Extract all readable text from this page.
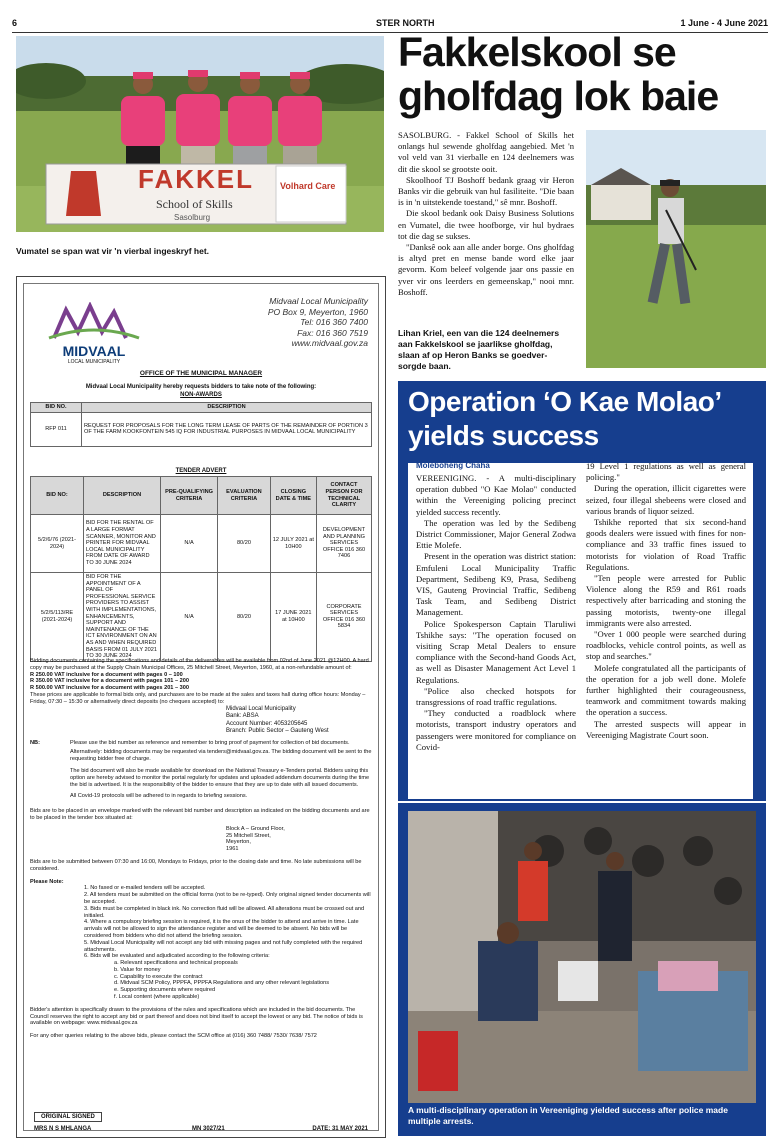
6	STER NORTH	1 June - 4 June 2021
FAKKEL
School of Skills
Sasolburg
Volhard Care
Vumatel se span wat vir 'n vierbal ingeskryf het.
Fakkelskool se
gholfdag lok baie

SASOLBURG. - Fakkel School of Skills het onlangs hul sewende gholfdag aangebied. Met 'n vol veld van 31 vierballe en 124 deelnemers was dit die skool se grootste ooit.

Skoolhoof TJ Boshoff bedank graag vir Heron Banks vir die gebruik van hul fasiliteite. "Die baan is in 'n uitstekende toestand," sê mnr. Boshoff.

Die skool bedank ook Daisy Business Solutions en Vumatel, die twee hoofborge, vir hul bydraes tot die dag se sukses.

"Danksê ook aan alle ander borge. Ons gholfdag is altyd pret en mense bande word elke jaar gevorm. Kom beleef volgende jaar ons passie en yver vir ons leerders en gemeenskap," nooi mnr. Boshoff.

Lihan Kriel, een van die 124 deelnemers aan Fakkelskool se jaarlikse gholfdag, slaan af op Heron Banks se goedver-sorgde baan.
MIDVAAL
LOCAL MUNICIPALITY
Midvaal Local Municipality
PO Box 9, Meyerton, 1960
Tel: 016 360 7400
Fax: 016 360 7519
www.midvaal.gov.za
OFFICE OF THE MUNICIPAL MANAGER
Midvaal Local Municipality hereby requests bidders to take note of the following:
NON-AWARDS
BID NO.	DESCRIPTION
RFP 011	REQUEST FOR PROPOSALS FOR THE LONG TERM LEASE OF PARTS OF THE REMAINDER OF PORTION 3 OF THE FARM KOOKFONTEIN 545 IQ FOR INDUSTRIAL PURPOSES IN MIDVAAL LOCAL MUNICIPALITY
TENDER ADVERT
BID NO:	DESCRIPTION	PRE-QUALIFYING CRITERIA	EVALUATION CRITERIA	CLOSING DATE & TIME	CONTACT PERSON FOR TECHNICAL CLARITY
5/2/6/76 (2021-2024)	BID FOR THE RENTAL OF A LARGE FORMAT SCANNER, MONITOR AND PRINTER FOR MIDVAAL LOCAL MUNICIPALITY FROM DATE OF AWARD TO 30 JUNE 2024	N/A	80/20	12 JULY 2021 at 10H00	DEVELOPMENT AND PLANNING SERVICES OFFICE 016 360 7406
5/2/5/113/RE (2021-2024)	BID FOR THE APPOINTMENT OF A PANEL OF PROFESSIONAL SERVICE PROVIDERS TO ASSIST WITH IMPLEMENTATIONS, ENHANCEMENTS, SUPPORT AND MAINTENANCE OF THE ICT ENVIRONMENT ON AN AS AND WHEN REQUIRED BASIS FROM 01 JULY 2021 TO 30 JUNE 2024	N/A	80/20	17 JUNE 2021 at 10H00	CORPORATE SERVICES OFFICE 016 360 5834
Bidding documents containing the specifications and details of the deliverables will be available from 02nd of June 2021 @12H00. A hard copy may be purchased at the Supply Chain Municipal Offices, 25 Mitchell Street, Meyerton, 1960, at a non-refundable amount of:
R 250.00 VAT inclusive for a document with pages 0 – 100
R 350.00 VAT inclusive for a document with pages 101 – 200
R 500.00 VAT inclusive for a document with pages 201 – 300
These prices are applicable to formal bids only, and purchases are to be made at the sales and taxes hall during office hours: Monday – Friday, 07:30 – 15:30 or alternatively direct deposits (no cheques accepted) to:
Midvaal Local Municipality
Bank: ABSA
Account Number: 4053205645
Branch: Public Sector – Gauteng West
NB:	Please use the bid number as reference and remember to bring proof of payment for collection of bid documents.
Alternatively: bidding documents may be requested via tenders@midvaal.gov.za. The bidding document will be sent to the requesting bidder free of charge.
The bid document will also be made available for download on the National Treasury e-Tenders portal. Bidders using this option are hereby advised to monitor the portal regularly for updates and uploaded addendum documents during the time the bid is advertised. It is the responsibility of the bidder to ensure that they are up to date with all issued documents.
All Covid-19 protocols will be adhered to in regards to briefing sessions.
Bids are to be placed in an envelope marked with the relevant bid number and description as indicated on the bidding documents and are to be placed in the tender box situated at:
Block A – Ground Floor,
25 Mitchell Street,
Meyerton,
1961
Bids are to be submitted between 07:30 and 16:00, Mondays to Fridays, prior to the closing date and time. No late submissions will be considered.
Please Note:
1. No faxed or e-mailed tenders will be accepted.
2. All tenders must be submitted on the official forms (not to be re-typed). Only original signed tender documents will be accepted.
3. Bids must be completed in black ink. No correction fluid will be allowed. All alterations must be crossed out and initialed.
4. Where a compulsory briefing session is required, it is the onus of the bidder to attend and arrive in time. Late arrivals will not be allowed to sign the attendance register and will be deemed to be absent. No bids will be considered from bidders who did not attend the briefing session.
5. Midvaal Local Municipality will not accept any bid with missing pages and not fully completed with the required attachments.
6. Bids will be evaluated and adjudicated according to the following criteria:
a. Relevant specifications and technical proposals
b. Value for money
c. Capability to execute the contract
d. Midvaal SCM Policy, PPPFA, PPPFA Regulations and any other relevant legislations
e. Supporting documents where required
f. Local content (where applicable)
Bidder's attention is specifically drawn to the provisions of the rules and specifications which are included in the bid documents. The Council reserves the right to accept any bid or part thereof and does not bind itself to accept the lowest or any bid. The notice of bids is available on webpage: www.midvaal.gov.za
For any other queries relating to the above bids, please contact the SCM office at (016) 360 7488/ 7530/ 7638/ 7572
ORIGINAL SIGNED
MRS N S MHLANGA	MN 3027/21	DATE: 31 MAY 2021
Operation ‘O Kae Molao’
yields success
Moleboheng Chaha

VEREENIGING. - A multi-disciplinary operation dubbed "O Kae Molao" conducted within the Vereeniging policing precinct yielded success recently.

The operation was led by the Sedibeng District Commissioner, Major General Zodwa Ettie Molefe.

Present in the operation was district station: Emfuleni Local Municipality Traffic Department, Sedibeng K9, Prasa, Sedibeng VIS, Gauteng Provincial Traffic, Sedibeng Task Team, and Sedibeng District Management.

Police Spokesperson Captain Tlaruliwi Tshikhe says: "The operation focused on visiting Scrap Metal Dealers to ensure compliance with the Second-hand Goods Act, as well as Disaster Management Act Level 1 Regulations.

"Police also checked hotspots for transgressions of road traffic regulations.

"They conducted a roadblock where motorists, transport industry operators and passengers were monitored for compliance on Covid-

19 Level 1 regulations as well as general policing."

During the operation, illicit cigarettes were seized, four illegal shebeens were closed and various brands of liquor seized.

Tshikhe reported that six second-hand goods dealers were issued with fines for non-compliance and 33 traffic fines issued to motorists for violation of Road Traffic Regulations.

"Ten people were arrested for Public Violence along the R59 and R61 roads respectively after barricading and stoning the passing motorists, twenty-one illegal immigrants were also arrested.

"Over 1 000 people were searched during roadblocks, vehicle control points, as well as stop and searches."

Molefe congratulated all the participants of the operation for a job well done. Molefe further highlighted their courageousness, teamwork and commitment towards making the operation a success.

The arrested suspects will appear in Vereeniging Magistrate Court soon.

A multi-disciplinary operation in Vereeniging yielded success after police made multiple arrests.
